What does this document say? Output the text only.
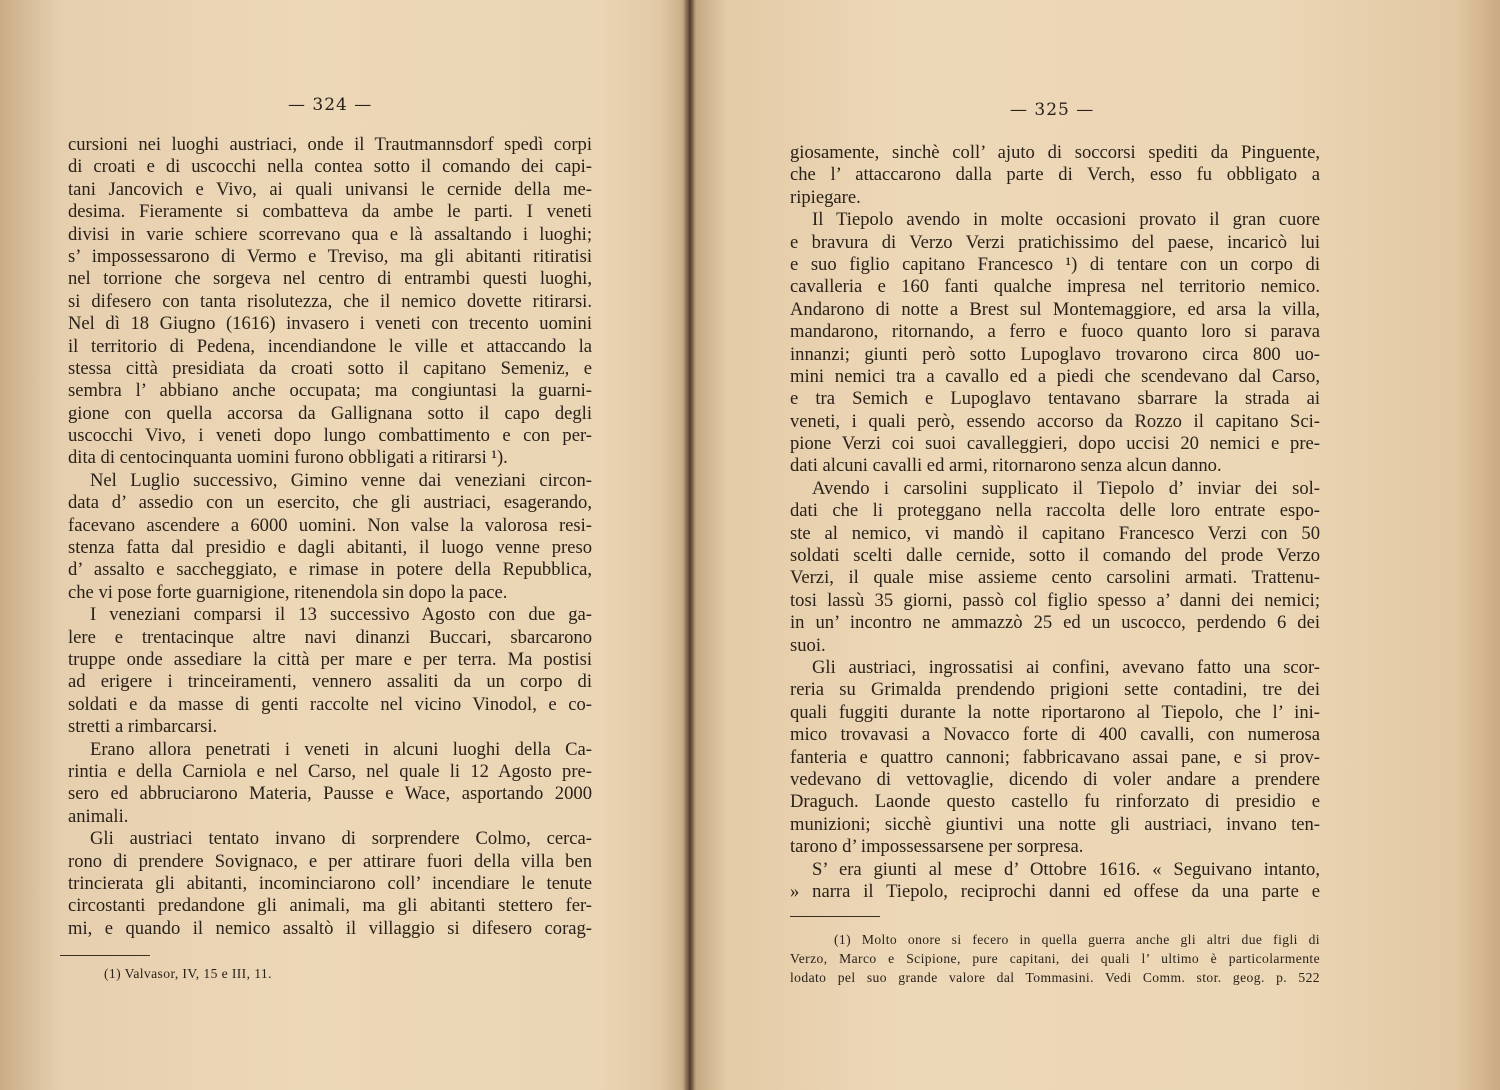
— 324 —
cursioni nei luoghi austriaci, onde il Trautmannsdorf spedì corpi
di croati e di uscocchi nella contea sotto il comando dei capi-
tani Jancovich e Vivo, ai quali univansi le cernide della me-
desima. Fieramente si combatteva da ambe le parti. I veneti
divisi in varie schiere scorrevano qua e là assaltando i luoghi;
s’ impossessarono di Vermo e Treviso, ma gli abitanti ritiratisi
nel torrione che sorgeva nel centro di entrambi questi luoghi,
si difesero con tanta risolutezza, che il nemico dovette ritirarsi.
Nel dì 18 Giugno (1616) invasero i veneti con trecento uomini
il territorio di Pedena, incendiandone le ville et attaccando la
stessa città presidiata da croati sotto il capitano Semeniz, e
sembra l’ abbiano anche occupata; ma congiuntasi la guarni-
gione con quella accorsa da Gallignana sotto il capo degli
uscocchi Vivo, i veneti dopo lungo combattimento e con per-
dita di centocinquanta uomini furono obbligati a ritirarsi ¹).
Nel Luglio successivo, Gimino venne dai veneziani circon-
data d’ assedio con un esercito, che gli austriaci, esagerando,
facevano ascendere a 6000 uomini. Non valse la valorosa resi-
stenza fatta dal presidio e dagli abitanti, il luogo venne preso
d’ assalto e saccheggiato, e rimase in potere della Repubblica,
che vi pose forte guarnigione, ritenendola sin dopo la pace.
I veneziani comparsi il 13 successivo Agosto con due ga-
lere e trentacinque altre navi dinanzi Buccari, sbarcarono
truppe onde assediare la città per mare e per terra. Ma postisi
ad erigere i trinceiramenti, vennero assaliti da un corpo di
soldati e da masse di genti raccolte nel vicino Vinodol, e co-
stretti a rimbarcarsi.
Erano allora penetrati i veneti in alcuni luoghi della Ca-
rintia e della Carniola e nel Carso, nel quale li 12 Agosto pre-
sero ed abbruciarono Materia, Pausse e Wace, asportando 2000
animali.
Gli austriaci tentato invano di sorprendere Colmo, cerca-
rono di prendere Sovignaco, e per attirare fuori della villa ben
trincierata gli abitanti, incominciarono coll’ incendiare le tenute
circostanti predandone gli animali, ma gli abitanti stettero fer-
mi, e quando il nemico assaltò il villaggio si difesero corag-
(1) Valvasor, IV, 15 e III, 11.
— 325 —
giosamente, sinchè coll’ ajuto di soccorsi spediti da Pinguente,
che l’ attaccarono dalla parte di Verch, esso fu obbligato a
ripiegare.
Il Tiepolo avendo in molte occasioni provato il gran cuore
e bravura di Verzo Verzi pratichissimo del paese, incaricò lui
e suo figlio capitano Francesco ¹) di tentare con un corpo di
cavalleria e 160 fanti qualche impresa nel territorio nemico.
Andarono di notte a Brest sul Montemaggiore, ed arsa la villa,
mandarono, ritornando, a ferro e fuoco quanto loro si parava
innanzi; giunti però sotto Lupoglavo trovarono circa 800 uo-
mini nemici tra a cavallo ed a piedi che scendevano dal Carso,
e tra Semich e Lupoglavo tentavano sbarrare la strada ai
veneti, i quali però, essendo accorso da Rozzo il capitano Sci-
pione Verzi coi suoi cavalleggieri, dopo uccisi 20 nemici e pre-
dati alcuni cavalli ed armi, ritornarono senza alcun danno.
Avendo i carsolini supplicato il Tiepolo d’ inviar dei sol-
dati che li proteggano nella raccolta delle loro entrate espo-
ste al nemico, vi mandò il capitano Francesco Verzi con 50
soldati scelti dalle cernide, sotto il comando del prode Verzo
Verzi, il quale mise assieme cento carsolini armati. Trattenu-
tosi lassù 35 giorni, passò col figlio spesso a’ danni dei nemici;
in un’ incontro ne ammazzò 25 ed un uscocco, perdendo 6 dei
suoi.
Gli austriaci, ingrossatisi ai confini, avevano fatto una scor-
reria su Grimalda prendendo prigioni sette contadini, tre dei
quali fuggiti durante la notte riportarono al Tiepolo, che l’ ini-
mico trovavasi a Novacco forte di 400 cavalli, con numerosa
fanteria e quattro cannoni; fabbricavano assai pane, e si prov-
vedevano di vettovaglie, dicendo di voler andare a prendere
Draguch. Laonde questo castello fu rinforzato di presidio e
munizioni; sicchè giuntivi una notte gli austriaci, invano ten-
tarono d’ impossessarsene per sorpresa.
S’ era giunti al mese d’ Ottobre 1616. « Seguivano intanto,
» narra il Tiepolo, reciprochi danni ed offese da una parte e
(1) Molto onore si fecero in quella guerra anche gli altri due figli di
Verzo, Marco e Scipione, pure capitani, dei quali l’ ultimo è particolarmente
lodato pel suo grande valore dal Tommasini. Vedi Comm. stor. geog. p. 522
